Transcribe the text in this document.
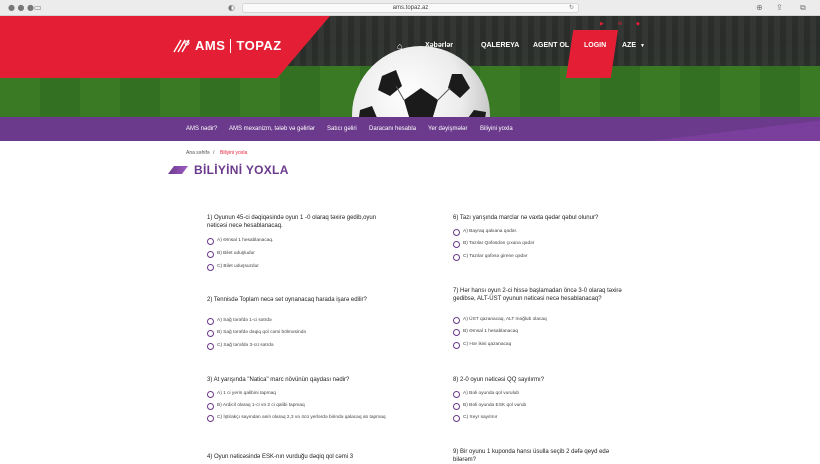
● ● ● ▭	◐	ams.topaz.az	↻	⊕ ⇪ ⧉
AMS TOPAZ
▶	✉	◆
⌂	Xəbərlər	QALEREYA AGENT OL LOGIN AZE ▼
AMS nədir? AMS mexanizm, tələb və gəlirlər Satıcı gəliri Daracanı hesabla Yer dəyişmələr Biliyini yoxla
Ana səhifə / Biliyini yoxla
BİLİYİNİ YOXLA
1) Oyunun 45-ci dəqiqəsində oyun 1 -0 olaraq təxirə gedib,oyun nəticəsi necə hesablanacaq.
A) Əmsal 1 hesablanacaq.
B) Bilet uduşludur
C) Bilet uduşsuzdur
2) Tennisdə Toplam necə set oynanacaq harada işarə edilir?
A) Sağ tərəfdə 1-ci sətrdə
B) Sağ tərəfdə dəqiq qol cəmi bölməsində
C) Sağ tərəfdə 3-cü sətrdə
3) At yarışında "Natica" marc növünün qaydası nədir?
A) 1 ci yerin qalibini tapmaq
B) Ardicil olaraq 1-ci və 2 ci qalibi tapmaq
C) İştirakçı sayından asılı olaraq 2,3 və 4cü yerlərdə birində qalacaq atı tapmaq
4) Oyun nəticəsində ESK-nın vurduğu dəqiq qol cəmi 3
6) Tazı yarışında marclar nə vaxta qədər qəbul olunur?
A) Bayraq qalxana qədər.
B) Tazılar Qəfəsdən çıxana qədər
C) Tazılar qəfəsə girene qədər
7) Hər hansı oyun 2-ci hissə başlamadan öncə 3-0 olaraq təxirə gedibsə, ALT-ÜST oyunun nəticəsi necə hesablanacaq?
A) ÜST qazanacaq, ALT məğlub olacaq
B) Əmsal 1 hesablanacaq
C) Hər ikisi qazanacaq
8) 2-0 oyun nəticəsi QQ sayılırmı?
A) Bəli oyunda qol vurulub
B) Bəli oyunda ESK qol vurub
C) Xeyr sayılmır
9) Bir oyunu 1 kuponda hansı üsulla seçib 2 dəfə qeyd edə bilərəm?
